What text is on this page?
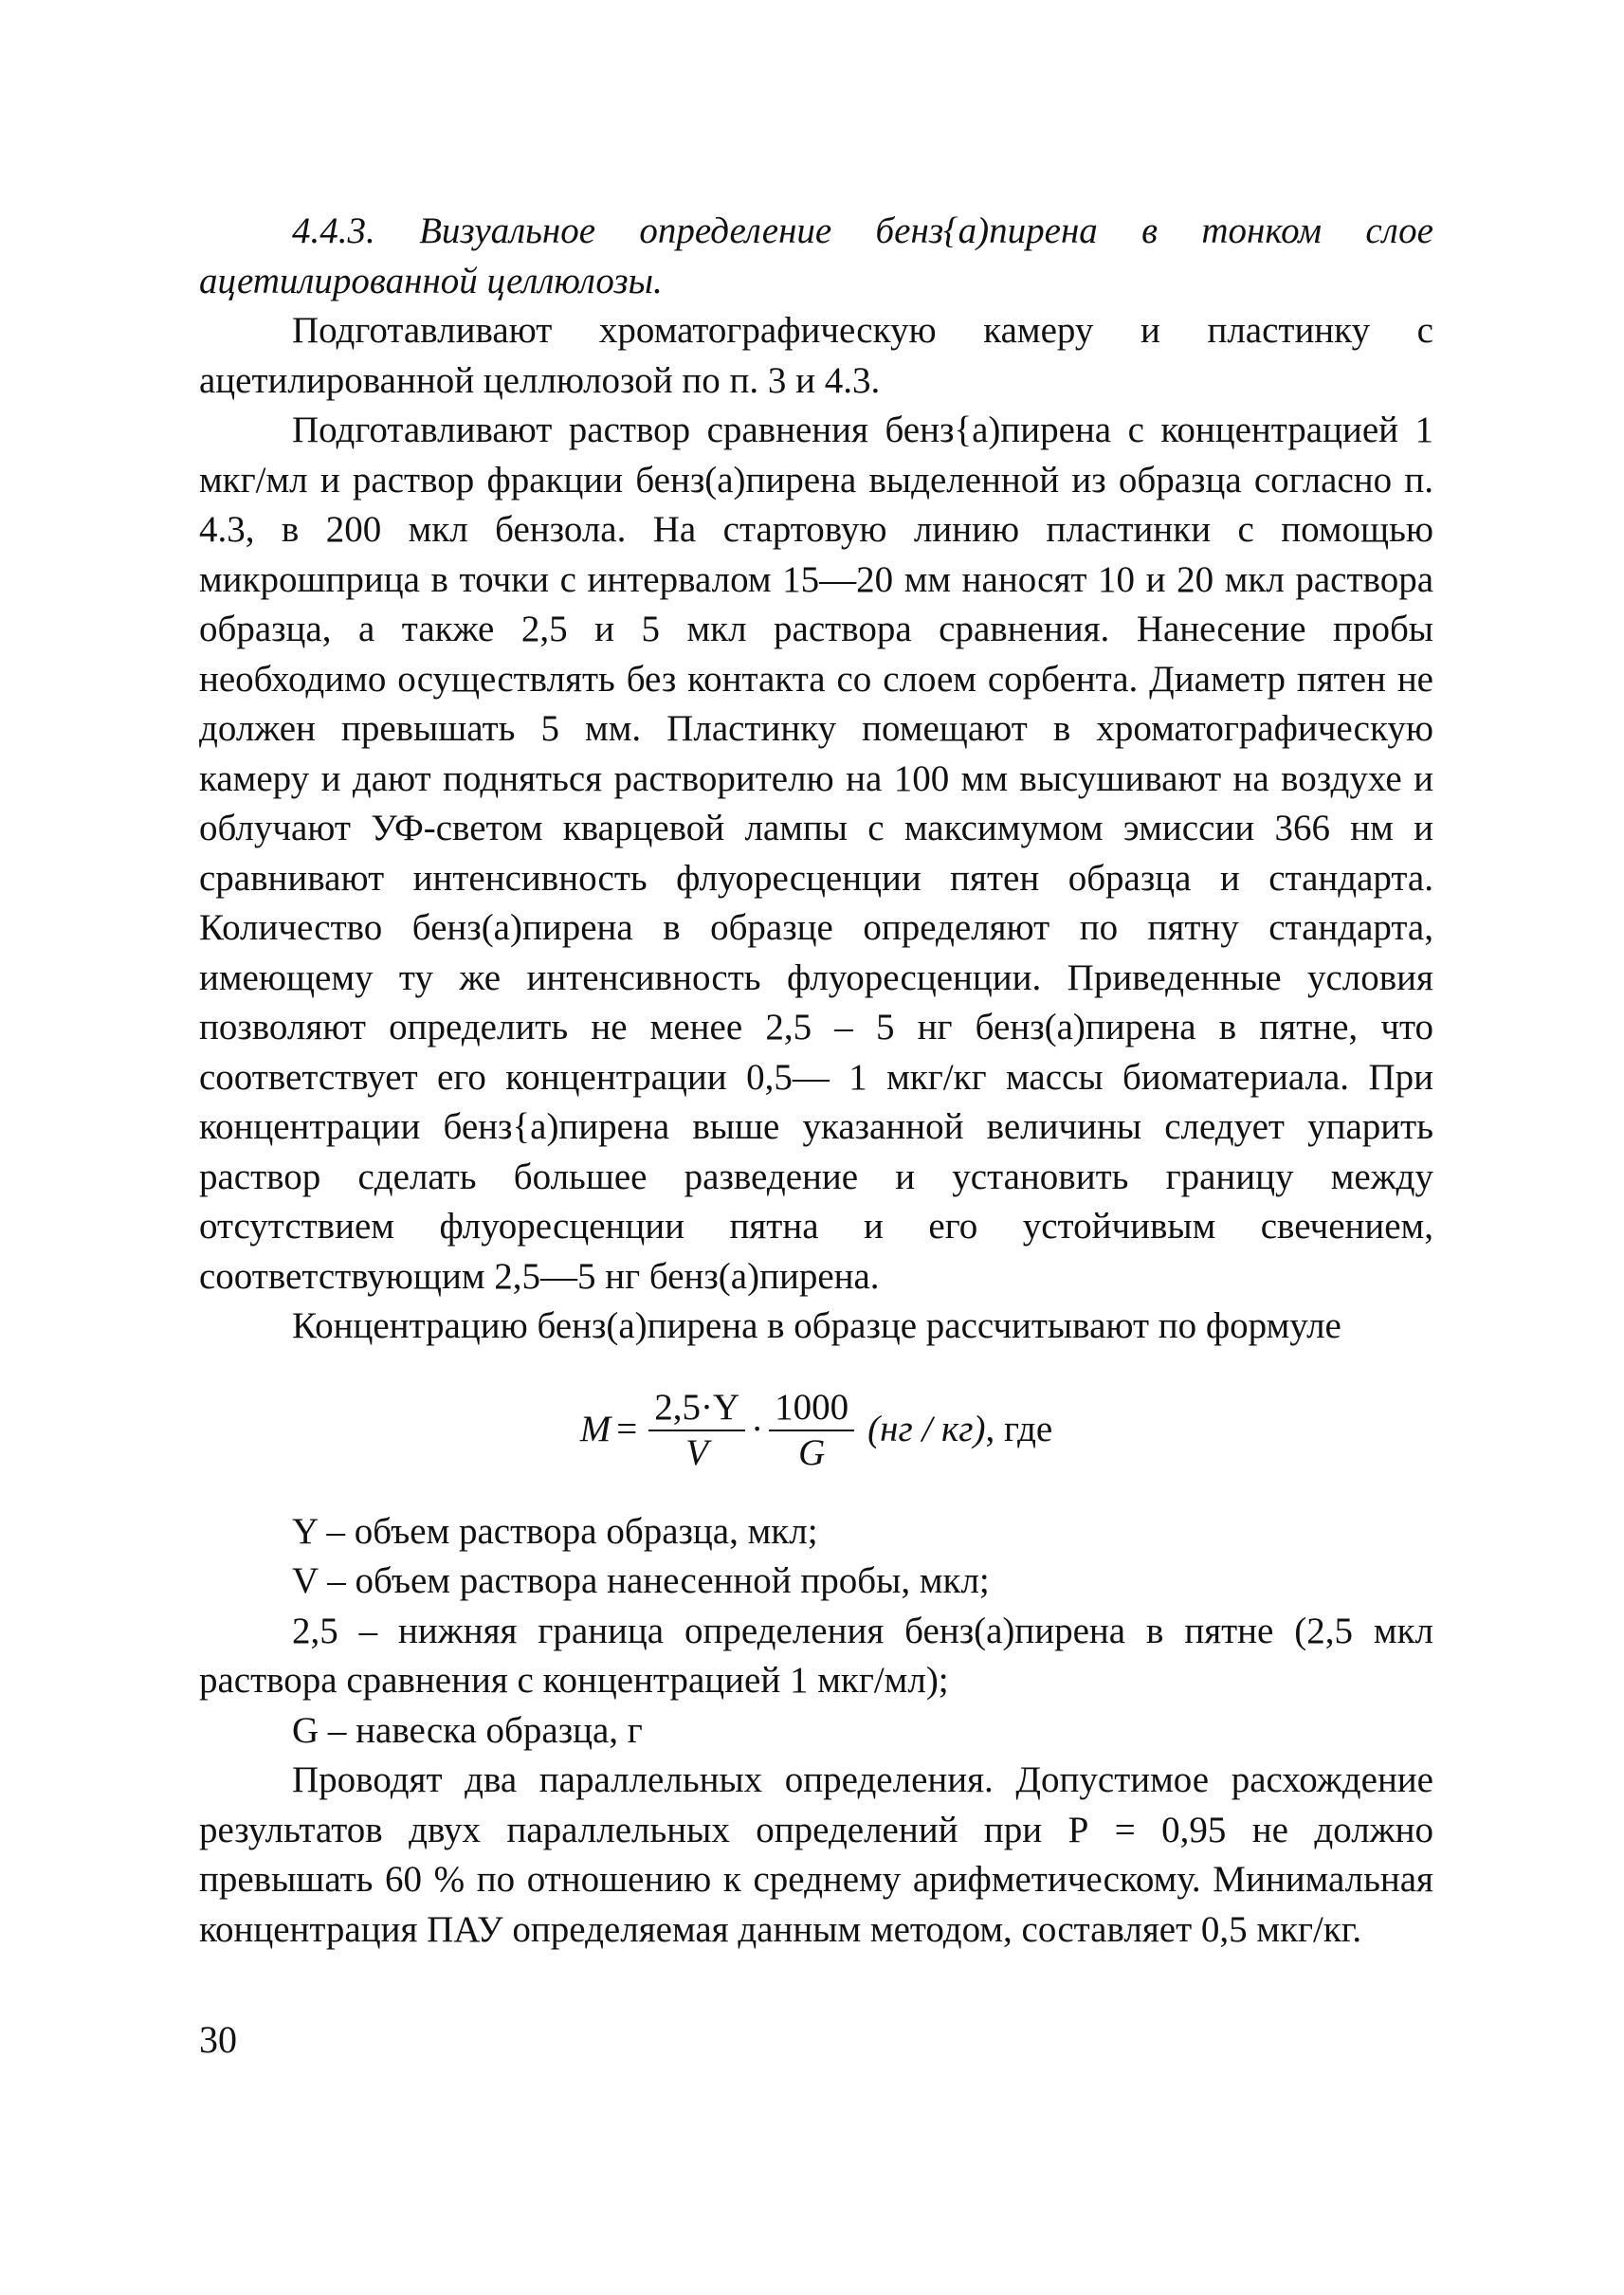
4.4.3. Визуальное определение бенз{а)пирена в тонком слое ацетилированной целлюлозы.

Подготавливают хроматографическую камеру и пластинку с ацетилированной целлюлозой по п. 3 и 4.3.

Подготавливают раствор сравнения бенз{а)пирена с концентрацией 1 мкг/мл и раствор фракции бенз(а)пирена выделенной из образца согласно п. 4.3, в 200 мкл бензола. На стартовую линию пластинки с помощью микрошприца в точки с интервалом 15—20 мм наносят 10 и 20 мкл раствора образца, а также 2,5 и 5 мкл раствора сравнения. Нанесение пробы необходимо осуществлять без контакта со слоем сорбента. Диаметр пятен не должен превышать 5 мм. Пластинку помещают в хроматографическую камеру и дают подняться растворителю на 100 мм высушивают на воздухе и облучают УФ-светом кварцевой лампы с максимумом эмиссии 366 нм и сравнивают интенсивность флуоресценции пятен образца и стандарта. Количество бенз(а)пирена в образце определяют по пятну стандарта, имеющему ту же интенсивность флуоресценции. Приведенные условия позволяют определить не менее 2,5 – 5 нг бенз(а)пирена в пятне, что соответствует его концентрации 0,5— 1 мкг/кг массы биоматериала. При концентрации бенз{а)пирена выше указанной величины следует упарить раствор сделать большее разведение и установить границу между отсутствием флуоресценции пятна и его устойчивым свечением, соответствующим 2,5—5 нг бенз(а)пирена.

Концентрацию бенз(а)пирена в образце рассчитывают по формуле

$M = \frac{2,5\cdot Y}{V} \cdot \frac{1000}{G} (нг / кг)$ , где

Y – объем раствора образца, мкл;

V – объем раствора нанесенной пробы, мкл;

2,5 – нижняя граница определения бенз(а)пирена в пятне (2,5 мкл раствора сравнения с концентрацией 1 мкг/мл);

G – навеска образца, г

Проводят два параллельных определения. Допустимое расхождение результатов двух параллельных определений при Р = 0,95 не должно превышать 60 % по отношению к среднему арифметическому. Минимальная концентрация ПАУ определяемая данным методом, составляет 0,5 мкг/кг.

30
